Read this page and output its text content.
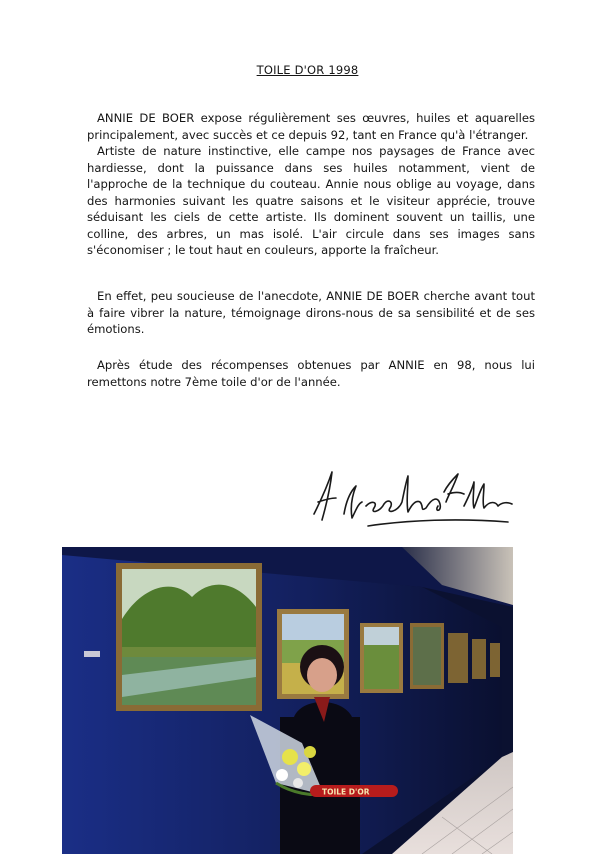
TOILE D'OR 1998

ANNIE DE BOER expose régulièrement ses œuvres, huiles et aquarelles principalement, avec succès et ce depuis 92, tant en France qu'à l'étranger.

Artiste de nature instinctive, elle campe nos paysages de France avec hardiesse, dont la puissance dans ses huiles notamment, vient de l'approche de la technique du couteau. Annie nous oblige au voyage, dans des harmonies suivant les quatre saisons et le visiteur apprécie, trouve séduisant les ciels de cette artiste. Ils dominent souvent un taillis, une colline, des arbres, un mas isolé. L'air circule dans ses images sans s'économiser ; le tout haut en couleurs, apporte la fraîcheur.

En effet, peu soucieuse de l'anecdote, ANNIE DE BOER cherche avant tout à faire vibrer la nature, témoignage dirons-nous de sa sensibilité et de ses émotions.

Après étude des récompenses obtenues par ANNIE en 98, nous lui remettons notre 7ème toile d'or de l'année.

TOILE D'OR
